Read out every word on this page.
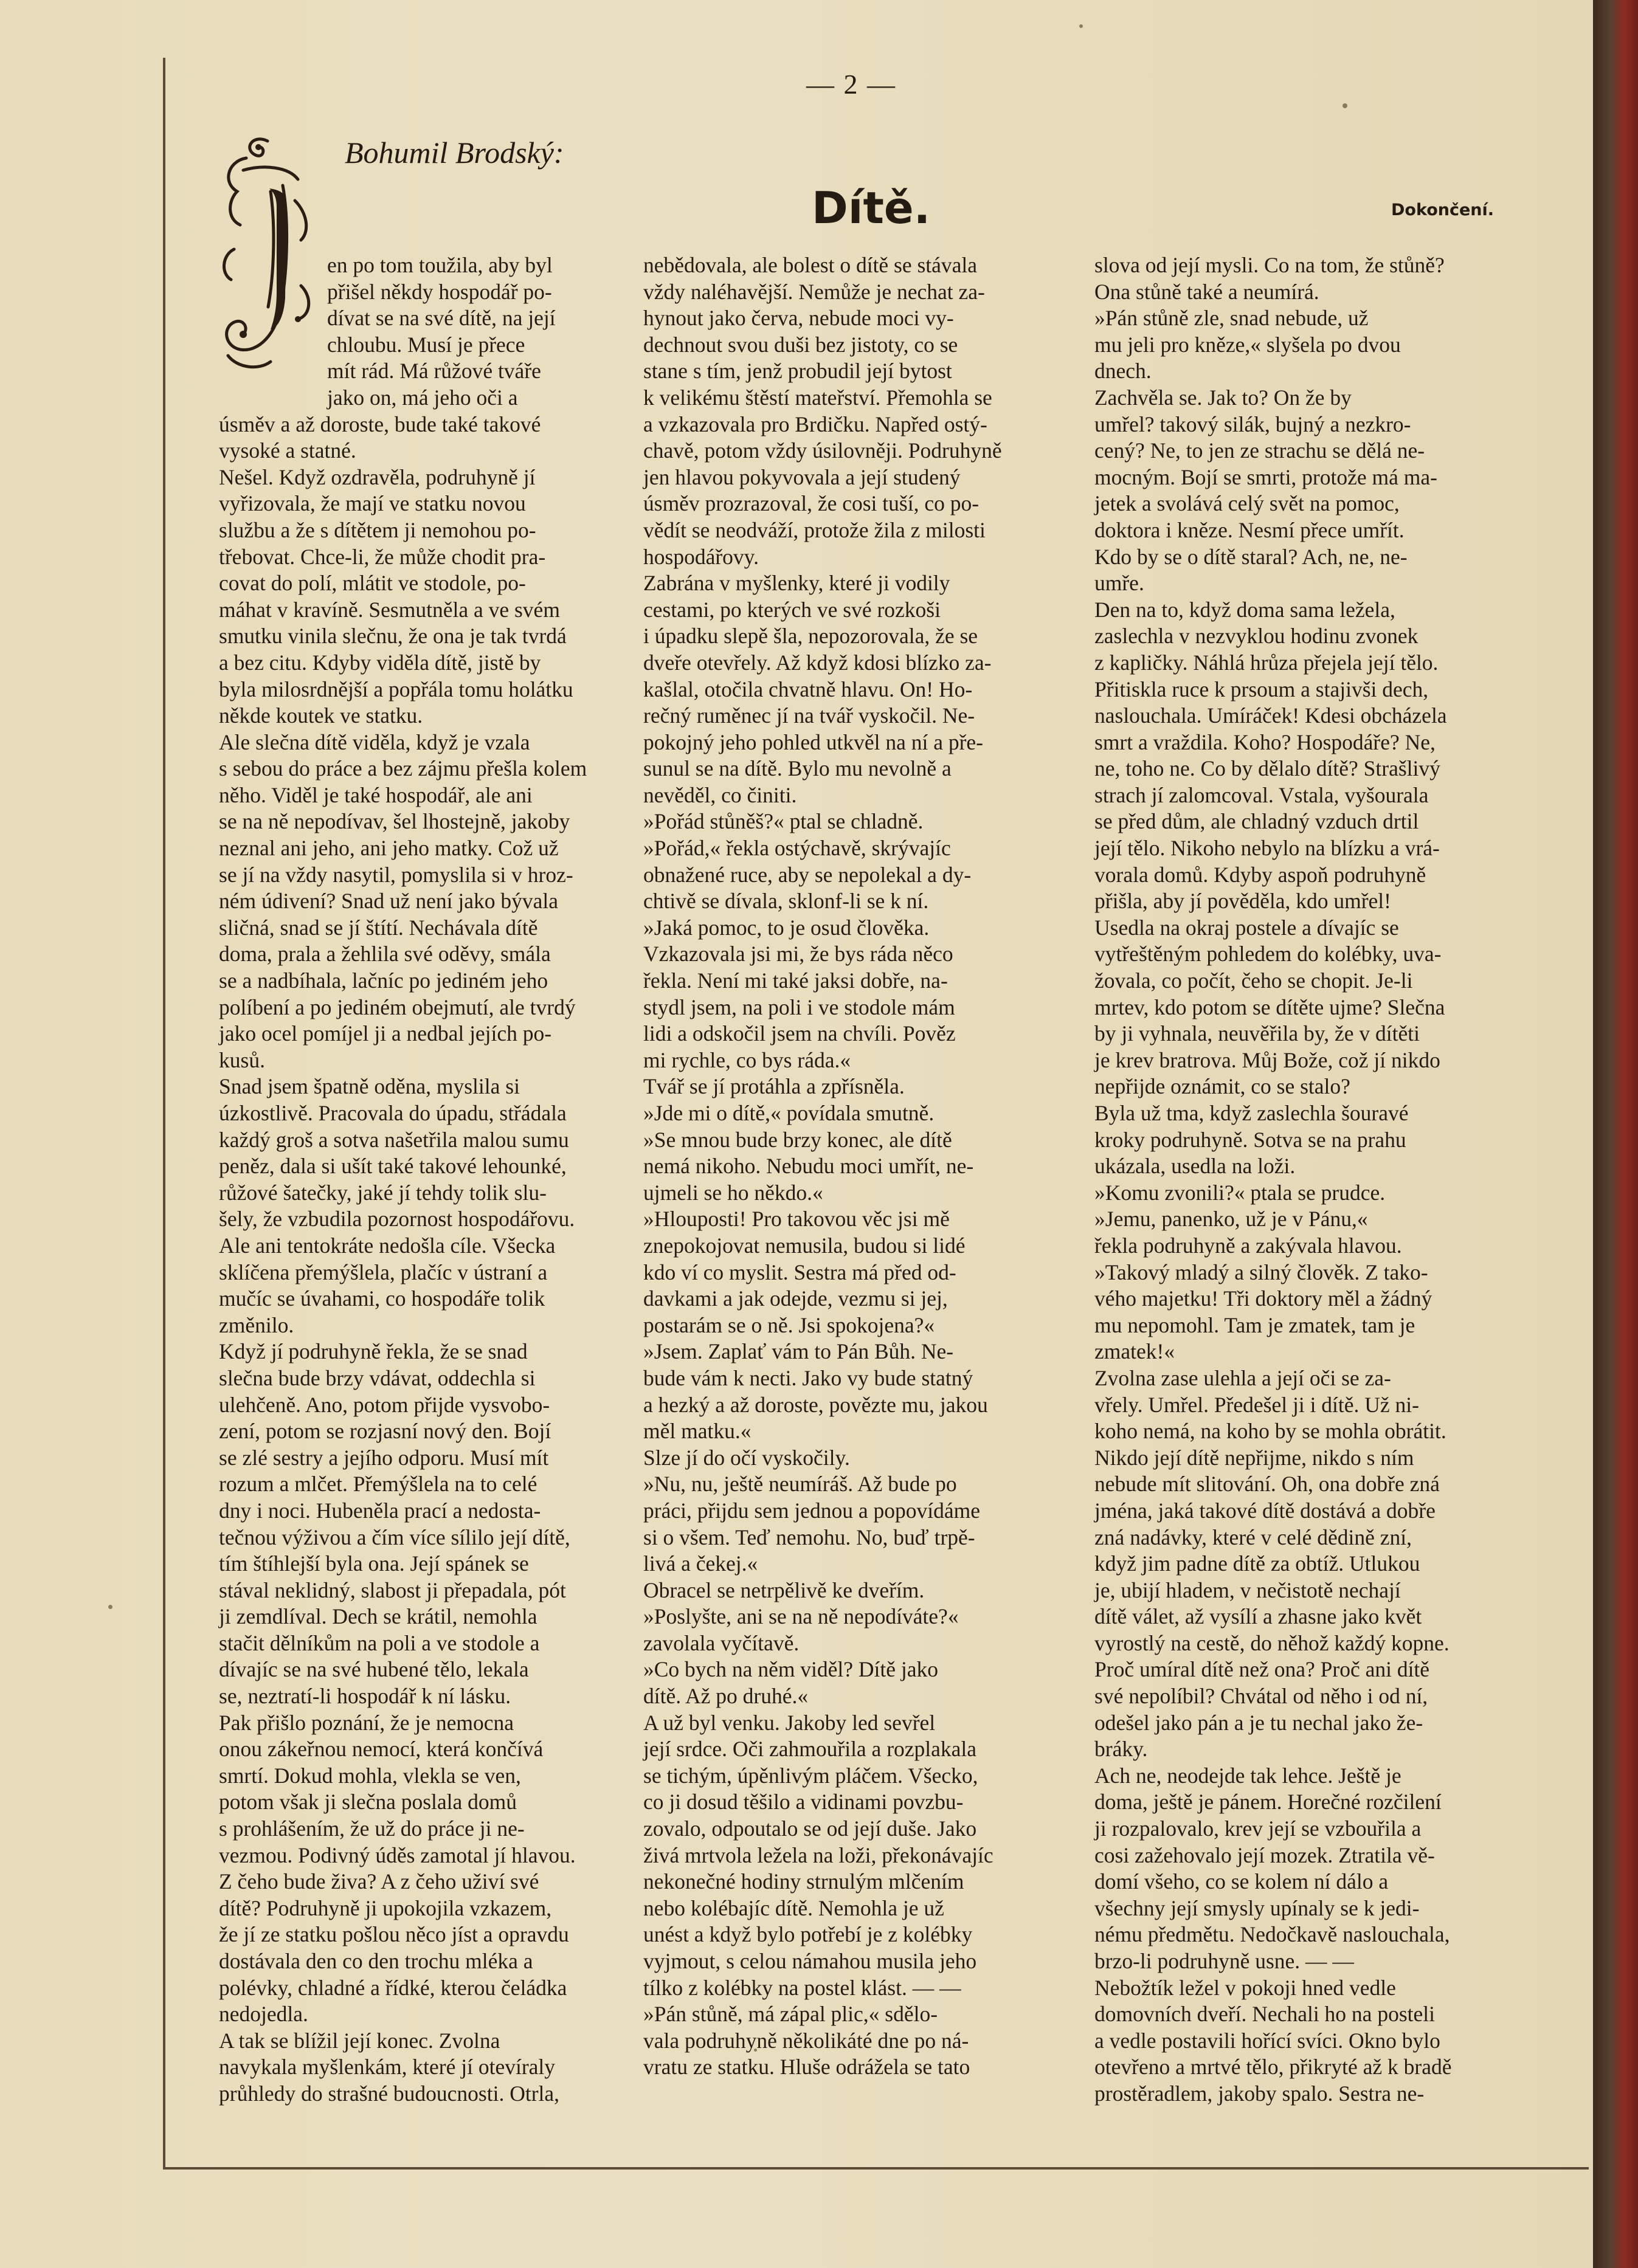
— 2 —
Bohumil Brodský:
Dítě.	Dokončení.
en po tom toužila, aby byl
přišel někdy hospodář po-
dívat se na své dítě, na její
chloubu. Musí je přece
mít rád. Má růžové tváře
jako on, má jeho oči a
úsměv a až doroste, bude také takové
vysoké a statné.
Nešel. Když ozdravěla, podruhyně jí
vyřizovala, že mají ve statku novou
službu a že s dítětem ji nemohou po-
třebovat. Chce-li, že může chodit pra-
covat do polí, mlátit ve stodole, po-
máhat v kravíně. Sesmutněla a ve svém
smutku vinila slečnu, že ona je tak tvrdá
a bez citu. Kdyby viděla dítě, jistě by
byla milosrdnější a popřála tomu holátku
někde koutek ve statku.
Ale slečna dítě viděla, když je vzala
s sebou do práce a bez zájmu přešla kolem
něho. Viděl je také hospodář, ale ani
se na ně nepodívav, šel lhostejně, jakoby
neznal ani jeho, ani jeho matky. Což už
se jí na vždy nasytil, pomyslila si v hroz-
ném údivení? Snad už není jako bývala
sličná, snad se jí štítí. Nechávala dítě
doma, prala a žehlila své oděvy, smála
se a nadbíhala, lačníc po jediném jeho
políbení a po jediném obejmutí, ale tvrdý
jako ocel pomíjel ji a nedbal jejích po-
kusů.
Snad jsem špatně oděna, myslila si
úzkostlivě. Pracovala do úpadu, střádala
každý groš a sotva našetřila malou sumu
peněz, dala si ušít také takové lehounké,
růžové šatečky, jaké jí tehdy tolik slu-
šely, že vzbudila pozornost hospodářovu.
Ale ani tentokráte nedošla cíle. Všecka
sklíčena přemýšlela, plačíc v ústraní a
mučíc se úvahami, co hospodáře tolik
změnilo.
Když jí podruhyně řekla, že se snad
slečna bude brzy vdávat, oddechla si
ulehčeně. Ano, potom přijde vysvobo-
zení, potom se rozjasní nový den. Bojí
se zlé sestry a jejího odporu. Musí mít
rozum a mlčet. Přemýšlela na to celé
dny i noci. Hubeněla prací a nedosta-
tečnou výživou a čím více sílilo její dítě,
tím štíhlejší byla ona. Její spánek se
stával neklidný, slabost ji přepadala, pót
ji zemdlíval. Dech se krátil, nemohla
stačit dělníkům na poli a ve stodole a
dívajíc se na své hubené tělo, lekala
se, neztratí-li hospodář k ní lásku.
Pak přišlo poznání, že je nemocna
onou zákeřnou nemocí, která končívá
smrtí. Dokud mohla, vlekla se ven,
potom však ji slečna poslala domů
s prohlášením, že už do práce ji ne-
vezmou. Podivný úděs zamotal jí hlavou.
Z čeho bude živa? A z čeho uživí své
dítě? Podruhyně ji upokojila vzkazem,
že jí ze statku pošlou něco jíst a opravdu
dostávala den co den trochu mléka a
polévky, chladné a řídké, kterou čeládka
nedojedla.
A tak se blížil její konec. Zvolna
navykala myšlenkám, které jí otevíraly
průhledy do strašné budoucnosti. Otrla,
nebědovala, ale bolest o dítě se stávala
vždy naléhavější. Nemůže je nechat za-
hynout jako červa, nebude moci vy-
dechnout svou duši bez jistoty, co se
stane s tím, jenž probudil její bytost
k velikému štěstí mateřství. Přemohla se
a vzkazovala pro Brdičku. Napřed ostý-
chavě, potom vždy úsilovněji. Podruhyně
jen hlavou pokyvovala a její studený
úsměv prozrazoval, že cosi tuší, co po-
vědít se neodváží, protože žila z milosti
hospodářovy.
Zabrána v myšlenky, které ji vodily
cestami, po kterých ve své rozkoši
i úpadku slepě šla, nepozorovala, že se
dveře otevřely. Až když kdosi blízko za-
kašlal, otočila chvatně hlavu. On! Ho-
rečný ruměnec jí na tvář vyskočil. Ne-
pokojný jeho pohled utkvěl na ní a pře-
sunul se na dítě. Bylo mu nevolně a
nevěděl, co činiti.
»Pořád stůněš?« ptal se chladně.
»Pořád,« řekla ostýchavě, skrývajíc
obnažené ruce, aby se nepolekal a dy-
chtivě se dívala, sklonf-li se k ní.
»Jaká pomoc, to je osud člověka.
Vzkazovala jsi mi, že bys ráda něco
řekla. Není mi také jaksi dobře, na-
stydl jsem, na poli i ve stodole mám
lidi a odskočil jsem na chvíli. Pověz
mi rychle, co bys ráda.«
Tvář se jí protáhla a zpřísněla.
»Jde mi o dítě,« povídala smutně.
»Se mnou bude brzy konec, ale dítě
nemá nikoho. Nebudu moci umřít, ne-
ujmeli se ho někdo.«
»Hlouposti! Pro takovou věc jsi mě
znepokojovat nemusila, budou si lidé
kdo ví co myslit. Sestra má před od-
davkami a jak odejde, vezmu si jej,
postarám se o ně. Jsi spokojena?«
»Jsem. Zaplať vám to Pán Bůh. Ne-
bude vám k necti. Jako vy bude statný
a hezký a až doroste, povězte mu, jakou
měl matku.«
Slze jí do očí vyskočily.
»Nu, nu, ještě neumíráš. Až bude po
práci, přijdu sem jednou a popovídáme
si o všem. Teď nemohu. No, buď trpě-
livá a čekej.«
Obracel se netrpělivě ke dveřím.
»Poslyšte, ani se na ně nepodíváte?«
zavolala vyčítavě.
»Co bych na něm viděl? Dítě jako
dítě. Až po druhé.«
A už byl venku. Jakoby led sevřel
její srdce. Oči zahmouřila a rozplakala
se tichým, úpěnlivým pláčem. Všecko,
co ji dosud těšilo a vidinami povzbu-
zovalo, odpoutalo se od její duše. Jako
živá mrtvola ležela na loži, překonávajíc
nekonečné hodiny strnulým mlčením
nebo kolébajíc dítě. Nemohla je už
unést a když bylo potřebí je z kolébky
vyjmout, s celou námahou musila jeho
tílko z kolébky na postel klást. — —
»Pán stůně, má zápal plic,« sdělo-
vala podruhyně několikáté dne po ná-
vratu ze statku. Hluše odrážela se tato
slova od její mysli. Co na tom, že stůně?
Ona stůně také a neumírá.
»Pán stůně zle, snad nebude, už
mu jeli pro kněze,« slyšela po dvou
dnech.
Zachvěla se. Jak to? On že by
umřel? takový silák, bujný a nezkro-
cený? Ne, to jen ze strachu se dělá ne-
mocným. Bojí se smrti, protože má ma-
jetek a svolává celý svět na pomoc,
doktora i kněze. Nesmí přece umřít.
Kdo by se o dítě staral? Ach, ne, ne-
umře.
Den na to, když doma sama ležela,
zaslechla v nezvyklou hodinu zvonek
z kapličky. Náhlá hrůza přejela její tělo.
Přitiskla ruce k prsoum a stajivši dech,
naslouchala. Umíráček! Kdesi obcházela
smrt a vraždila. Koho? Hospodáře? Ne,
ne, toho ne. Co by dělalo dítě? Strašlivý
strach jí zalomcoval. Vstala, vyšourala
se před dům, ale chladný vzduch drtil
její tělo. Nikoho nebylo na blízku a vrá-
vorala domů. Kdyby aspoň podruhyně
přišla, aby jí pověděla, kdo umřel!
Usedla na okraj postele a dívajíc se
vytřeštěným pohledem do kolébky, uva-
žovala, co počít, čeho se chopit. Je-li
mrtev, kdo potom se dítěte ujme? Slečna
by ji vyhnala, neuvěřila by, že v dítěti
je krev bratrova. Můj Bože, což jí nikdo
nepřijde oznámit, co se stalo?
Byla už tma, když zaslechla šouravé
kroky podruhyně. Sotva se na prahu
ukázala, usedla na loži.
»Komu zvonili?« ptala se prudce.
»Jemu, panenko, už je v Pánu,«
řekla podruhyně a zakývala hlavou.
»Takový mladý a silný člověk. Z tako-
vého majetku! Tři doktory měl a žádný
mu nepomohl. Tam je zmatek, tam je
zmatek!«
Zvolna zase ulehla a její oči se za-
vřely. Umřel. Předešel ji i dítě. Už ni-
koho nemá, na koho by se mohla obrátit.
Nikdo její dítě nepřijme, nikdo s ním
nebude mít slitování. Oh, ona dobře zná
jména, jaká takové dítě dostává a dobře
zná nadávky, které v celé dědině zní,
když jim padne dítě za obtíž. Utlukou
je, ubijí hladem, v nečistotě nechají
dítě válet, až vysílí a zhasne jako květ
vyrostlý na cestě, do něhož každý kopne.
Proč umíral dítě než ona? Proč ani dítě
své nepolíbil? Chvátal od něho i od ní,
odešel jako pán a je tu nechal jako že-
bráky.
Ach ne, neodejde tak lehce. Ještě je
doma, ještě je pánem. Horečné rozčilení
ji rozpalovalo, krev její se vzbouřila a
cosi zažehovalo její mozek. Ztratila vě-
domí všeho, co se kolem ní dálo a
všechny její smysly upínaly se k jedi-
nému předmětu. Nedočkavě naslouchala,
brzo-li podruhyně usne. — —
Nebožtík ležel v pokoji hned vedle
domovních dveří. Nechali ho na posteli
a vedle postavili hořící svíci. Okno bylo
otevřeno a mrtvé tělo, přikryté až k bradě
prostěradlem, jakoby spalo. Sestra ne-
